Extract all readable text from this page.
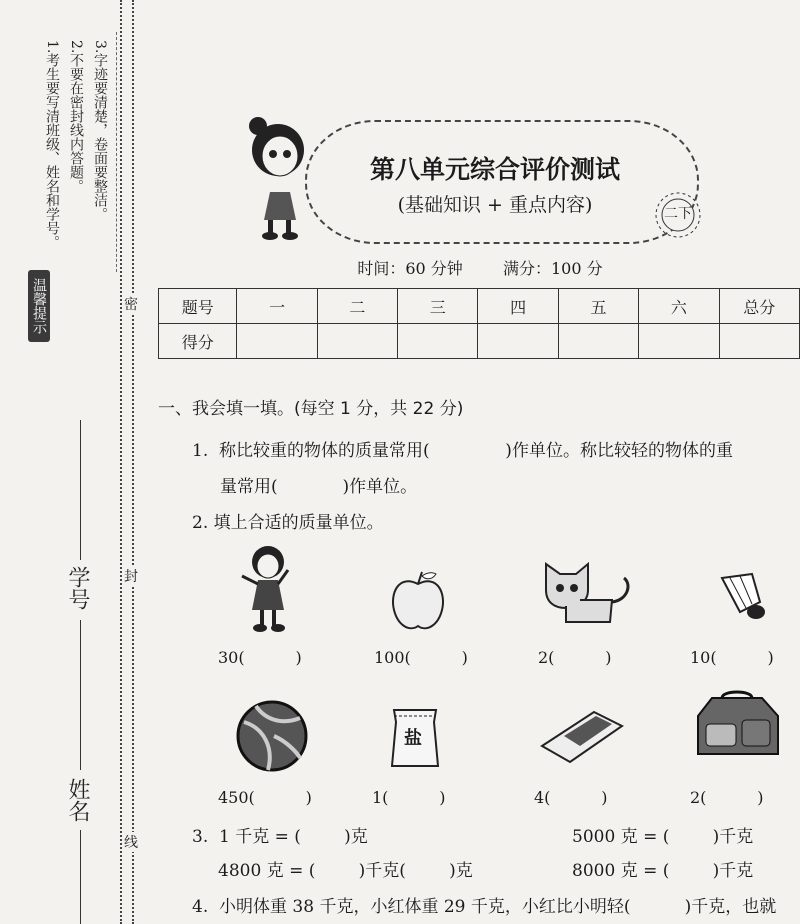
温馨提示
1.考生要写清班级、姓名和学号。 2.不要在密封线内答题。 3.字迹要清楚，卷面要整洁。
密
封
线
学号
姓名
第八单元综合评价测试
(基础知识 + 重点内容)	二下
时间：60 分钟	满分：100 分
题号	一	二	三	四	五	六	总分
得分							
一、我会填一填。(每空 1 分，共 22 分)
1.  称比较重的物体的质量常用(              )作单位。称比较轻的物体的重
量常用(            )作单位。
2. 填上合适的质量单位。
30(          )	100(          )	2(          )	10(          )
盐
450(          )	1(          )	4(          )	2(          )
3.  1 千克 = (        )克	5000 克 = (        )千克
4800 克 = (        )千克(        )克	8000 克 = (        )千克
4.  小明体重 38 千克，小红体重 29 千克，小红比小明轻(          )千克，也就
